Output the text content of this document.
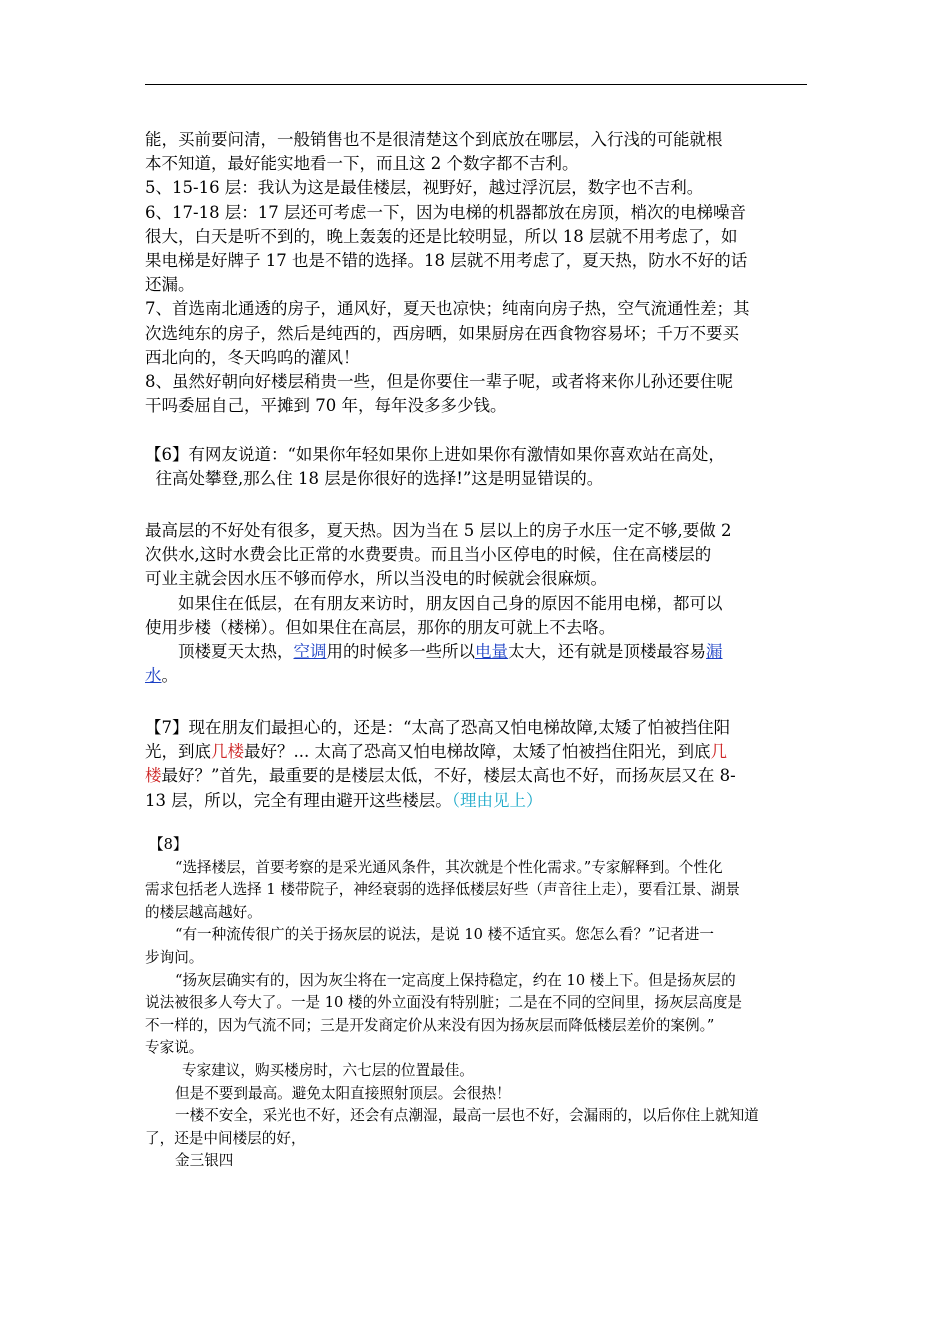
能，买前要问清，一般销售也不是很清楚这个到底放在哪层，入行浅的可能就根

本不知道，最好能实地看一下，而且这 2 个数字都不吉利。

5、15-16 层：我认为这是最佳楼层，视野好，越过浮沉层，数字也不吉利。

6、17-18 层：17 层还可考虑一下，因为电梯的机器都放在房顶，梢次的电梯噪音

很大，白天是听不到的，晚上轰轰的还是比较明显，所以 18 层就不用考虑了，如

果电梯是好牌子 17 也是不错的选择。18 层就不用考虑了，夏天热，防水不好的话

还漏。

7、首选南北通透的房子，通风好，夏天也凉快；纯南向房子热，空气流通性差；其

次选纯东的房子，然后是纯西的，西房晒，如果厨房在西食物容易坏；千万不要买

西北向的，冬天呜呜的灌风！

8、虽然好朝向好楼层稍贵一些，但是你要住一辈子呢，或者将来你儿孙还要住呢

干吗委屈自己，平摊到 70 年，每年没多多少钱。

【6】有网友说道：“如果你年轻如果你上进如果你有激情如果你喜欢站在高处，

往高处攀登,那么住 18 层是你很好的选择!”这是明显错误的。

最高层的不好处有很多，夏天热。因为当在 5 层以上的房子水压一定不够,要做 2

次供水,这时水费会比正常的水费要贵。而且当小区停电的时候，住在高楼层的

可业主就会因水压不够而停水，所以当没电的时候就会很麻烦。

如果住在低层，在有朋友来访时，朋友因自己身的原因不能用电梯，都可以

使用步楼（楼梯）。但如果住在高层，那你的朋友可就上不去咯。

顶楼夏天太热，空调用的时候多一些所以电量太大，还有就是顶楼最容易漏

水。

【7】现在朋友们最担心的，还是：“太高了恐高又怕电梯故障,太矮了怕被挡住阳

光，到底几楼最好？... 太高了恐高又怕电梯故障，太矮了怕被挡住阳光，到底几

楼最好？”首先，最重要的是楼层太低，不好，楼层太高也不好，而扬灰层又在 8-

13 层，所以，完全有理由避开这些楼层。（理由见上）

【8】

“选择楼层，首要考察的是采光通风条件，其次就是个性化需求。”专家解释到。个性化

需求包括老人选择 1 楼带院子，神经衰弱的选择低楼层好些（声音往上走），要看江景、湖景

的楼层越高越好。

“有一种流传很广的关于扬灰层的说法，是说 10 楼不适宜买。您怎么看？”记者进一

步询问。

“扬灰层确实有的，因为灰尘将在一定高度上保持稳定，约在 10 楼上下。但是扬灰层的

说法被很多人夸大了。一是 10 楼的外立面没有特别脏；二是在不同的空间里，扬灰层高度是

不一样的，因为气流不同；三是开发商定价从来没有因为扬灰层而降低楼层差价的案例。”

专家说。

专家建议，购买楼房时，六七层的位置最佳。

但是不要到最高。避免太阳直接照射顶层。会很热！

一楼不安全，采光也不好，还会有点潮湿，最高一层也不好，会漏雨的，以后你住上就知道

了，还是中间楼层的好，

金三银四
